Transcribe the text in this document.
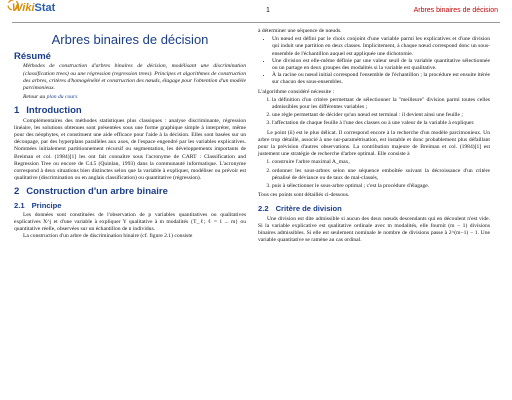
WikiStat	1	Arbres binaires de décision
Arbres binaires de décision
Résumé
Méthodes de construction d'arbres binaires de décision, modélisant une discrimination (classification trees) ou une régression (regression trees). Principes et algorithmes de construction des arbres, critères d'homogénéité et construction des nœuds, élagage pour l'obtention d'un modèle parcimonieux.
Retour au plan du cours
1 Introduction

Complémentaires des méthodes statistiques plus classiques : analyse discriminante, régression linéaire, les solutions obtenues sont présentées sous une forme graphique simple à interpréter, même pour des néophytes, et constituent une aide efficace pour l'aide à la décision. Elles sont basées sur un découpage, par des hyperplans parallèles aux axes, de l'espace engendré par les variables explicatives. Nommées initialement partitionnement récursif ou segmentation, les développements importants de Breiman et col. (1984)[1] les ont fait connaître sous l'acronyme de CART : Classification and Regression Tree ou encore de C4.5 (Quinlan, 1993) dans la communauté informatique. L'acronyme correspond à deux situations bien distinctes selon que la variable à expliquer, modéliser ou prévoir est qualitative (discrimination ou en anglais classification) ou quantitative (régression).

2 Construction d'un arbre binaire
2.1 Principe

Les données sont constituées de l'observation de p variables quantitatives ou qualitatives explicatives X^j et d'une variable à expliquer Y qualitative à m modalités {T_ℓ; ℓ = 1 ... m} ou quantitative réelle, observées sur un échantillon de n individus.

La construction d'un arbre de discrimination binaire (cf. figure 2.1) consiste

à déterminer une séquence de nœuds.

• Un nœud est défini par le choix conjoint d'une variable parmi les explicatives et d'une division qui induit une partition en deux classes. Implicitement, à chaque nœud correspond donc un sous-ensemble de l'échantillon auquel est appliquée une dichotomie.
• Une division est elle-même définie par une valeur seuil de la variable quantitative sélectionnée ou un partage en deux groupes des modalités si la variable est qualitative.
• À la racine ou nœud initial correspond l'ensemble de l'échantillon ; la procédure est ensuite itérée sur chacun des sous-ensembles.

L'algorithme considéré nécessite :

1. la définition d'un critère permettant de sélectionner la "meilleure" division parmi toutes celles admissibles pour les différentes variables ;
2. une règle permettant de décider qu'un nœud est terminal : il devient ainsi une feuille ;
3. l'affectation de chaque feuille à l'une des classes ou à une valeur de la variable à expliquer.

Le point (ii) est le plus délicat. Il correspond encore à la recherche d'un modèle parcimonieux. Un arbre trop détaillé, associé à une sur-paramétrisation, est instable et donc probablement plus défaillant pour la prévision d'autres observations. La contribution majeure de Breiman et col. (1984)[1] est justement une stratégie de recherche d'arbre optimal. Elle consiste à

1. construire l'arbre maximal A_max,
2. ordonner les sous-arbres selon une séquence emboîtée suivant la décroissance d'un critère pénalisé de déviance ou de taux de mal-classés,
3. puis à sélectionner le sous-arbre optimal ; c'est la procédure d'élagage.

Tous ces points sont détaillés ci-dessous.

2.2 Critère de division

Une division est dite admissible si aucun des deux nœuds descendants qui en découlent n'est vide. Si la variable explicative est qualitative ordinale avec m modalités, elle fournit (m − 1) divisions binaires admissibles. Si elle est seulement nominale le nombre de divisions passe à 2^(m−1) − 1. Une variable quantitative se ramène au cas ordinal.
